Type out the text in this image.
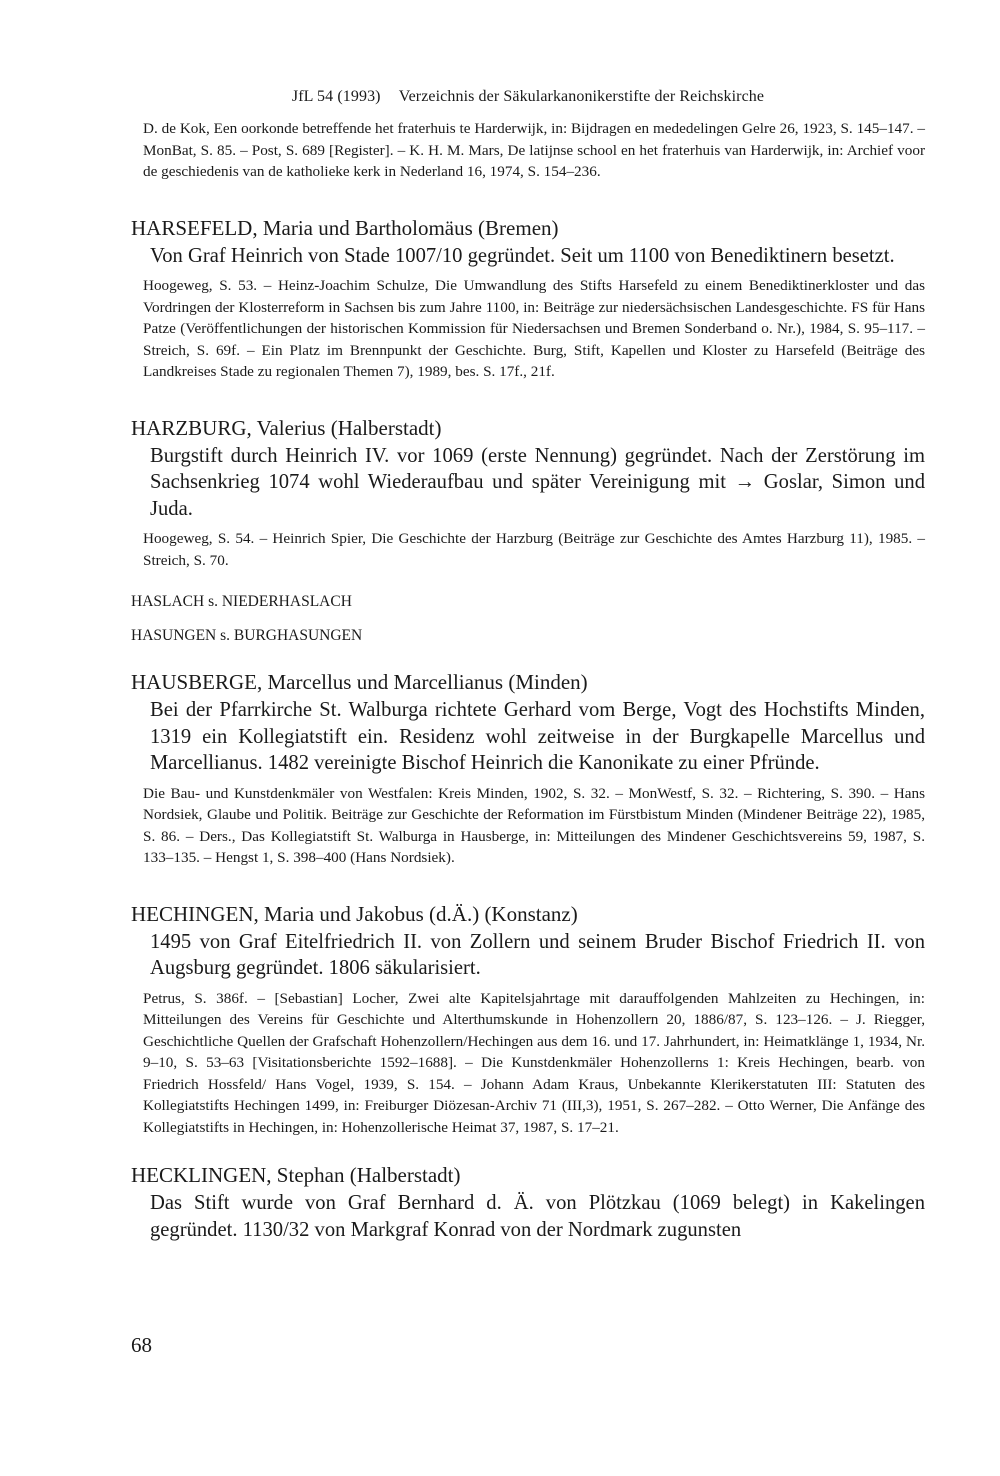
JfL 54 (1993) Verzeichnis der Säkularkanonikerstifte der Reichskirche

D. de Kok, Een oorkonde betreffende het fraterhuis te Harderwijk, in: Bijdragen en mededelingen Gelre 26, 1923, S. 145–147. – MonBat, S. 85. – Post, S. 689 [Register]. – K. H. M. Mars, De latijnse school en het fraterhuis van Harderwijk, in: Archief voor de geschiedenis van de katholieke kerk in Nederland 16, 1974, S. 154–236.

HARSEFELD, Maria und Bartholomäus (Bremen)

Von Graf Heinrich von Stade 1007/10 gegründet. Seit um 1100 von Benediktinern besetzt.

Hoogeweg, S. 53. – Heinz-Joachim Schulze, Die Umwandlung des Stifts Harsefeld zu einem Benediktinerkloster und das Vordringen der Klosterreform in Sachsen bis zum Jahre 1100, in: Beiträge zur niedersächsischen Landesgeschichte. FS für Hans Patze (Veröffentlichungen der historischen Kommission für Niedersachsen und Bremen Sonderband o. Nr.), 1984, S. 95–117. – Streich, S. 69f. – Ein Platz im Brennpunkt der Geschichte. Burg, Stift, Kapellen und Kloster zu Harsefeld (Beiträge des Landkreises Stade zu regionalen Themen 7), 1989, bes. S. 17f., 21f.

HARZBURG, Valerius (Halberstadt)

Burgstift durch Heinrich IV. vor 1069 (erste Nennung) gegründet. Nach der Zerstörung im Sachsenkrieg 1074 wohl Wiederaufbau und später Vereinigung mit → Goslar, Simon und Juda.

Hoogeweg, S. 54. – Heinrich Spier, Die Geschichte der Harzburg (Beiträge zur Geschichte des Amtes Harzburg 11), 1985. – Streich, S. 70.

HASLACH s. NIEDERHASLACH

HASUNGEN s. BURGHASUNGEN

HAUSBERGE, Marcellus und Marcellianus (Minden)

Bei der Pfarrkirche St. Walburga richtete Gerhard vom Berge, Vogt des Hochstifts Minden, 1319 ein Kollegiatstift ein. Residenz wohl zeitweise in der Burgkapelle Marcellus und Marcellianus. 1482 vereinigte Bischof Heinrich die Kanonikate zu einer Pfründe.

Die Bau- und Kunstdenkmäler von Westfalen: Kreis Minden, 1902, S. 32. – MonWestf, S. 32. – Richtering, S. 390. – Hans Nordsiek, Glaube und Politik. Beiträge zur Geschichte der Reformation im Fürstbistum Minden (Mindener Beiträge 22), 1985, S. 86. – Ders., Das Kollegiatstift St. Walburga in Hausberge, in: Mitteilungen des Mindener Geschichtsvereins 59, 1987, S. 133–135. – Hengst 1, S. 398–400 (Hans Nordsiek).

HECHINGEN, Maria und Jakobus (d.Ä.) (Konstanz)

1495 von Graf Eitelfriedrich II. von Zollern und seinem Bruder Bischof Friedrich II. von Augsburg gegründet. 1806 säkularisiert.

Petrus, S. 386f. – [Sebastian] Locher, Zwei alte Kapitelsjahrtage mit darauffolgenden Mahlzeiten zu Hechingen, in: Mitteilungen des Vereins für Geschichte und Alterthumskunde in Hohenzollern 20, 1886/87, S. 123–126. – J. Riegger, Geschichtliche Quellen der Grafschaft Hohenzollern/Hechingen aus dem 16. und 17. Jahrhundert, in: Heimatklänge 1, 1934, Nr. 9–10, S. 53–63 [Visitationsberichte 1592–1688]. – Die Kunstdenkmäler Hohenzollerns 1: Kreis Hechingen, bearb. von Friedrich Hossfeld/ Hans Vogel, 1939, S. 154. – Johann Adam Kraus, Unbekannte Klerikerstatuten III: Statuten des Kollegiatstifts Hechingen 1499, in: Freiburger Diözesan-Archiv 71 (III,3), 1951, S. 267–282. – Otto Werner, Die Anfänge des Kollegiatstifts in Hechingen, in: Hohenzollerische Heimat 37, 1987, S. 17–21.

HECKLINGEN, Stephan (Halberstadt)

Das Stift wurde von Graf Bernhard d. Ä. von Plötzkau (1069 belegt) in Kakelingen gegründet. 1130/32 von Markgraf Konrad von der Nordmark zugunsten

68
